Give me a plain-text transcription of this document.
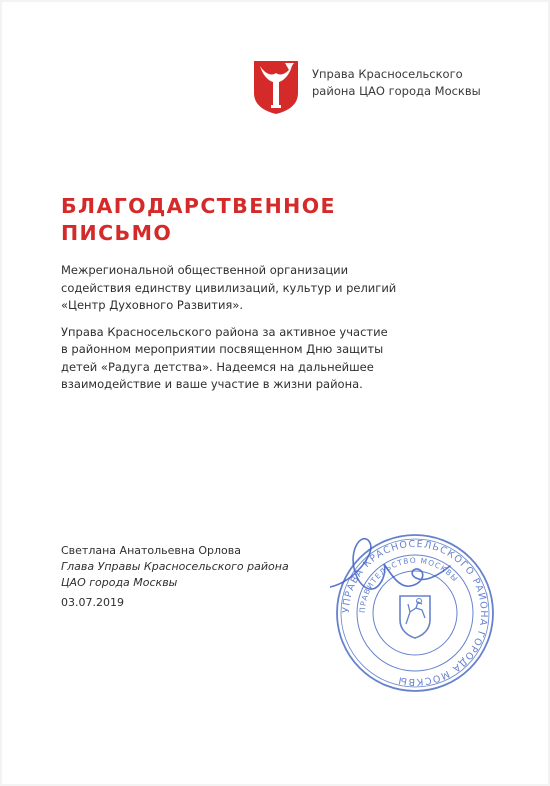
Управа Красносельского
района ЦАО города Москвы
БЛАГОДАРСТВЕННОЕ
ПИСЬМО

Межрегиональной общественной организации
содействия единству цивилизаций, культур и религий
«Центр Духовного Развития».

Управа Красносельского района за активное участие
в районном мероприятии посвященном Дню защиты
детей «Радуга детства». Надеемся на дальнейшее
взаимодействие и ваше участие в жизни района.

Светлана Анатольевна Орлова
Глава Управы Красносельского района
ЦАО города Москвы
03.07.2019
УПРАВА КРАСНОСЕЛЬСКОГО РАЙОНА ГОРОДА МОСКВЫ
ПРАВИТЕЛЬСТВО МОСКВЫ
